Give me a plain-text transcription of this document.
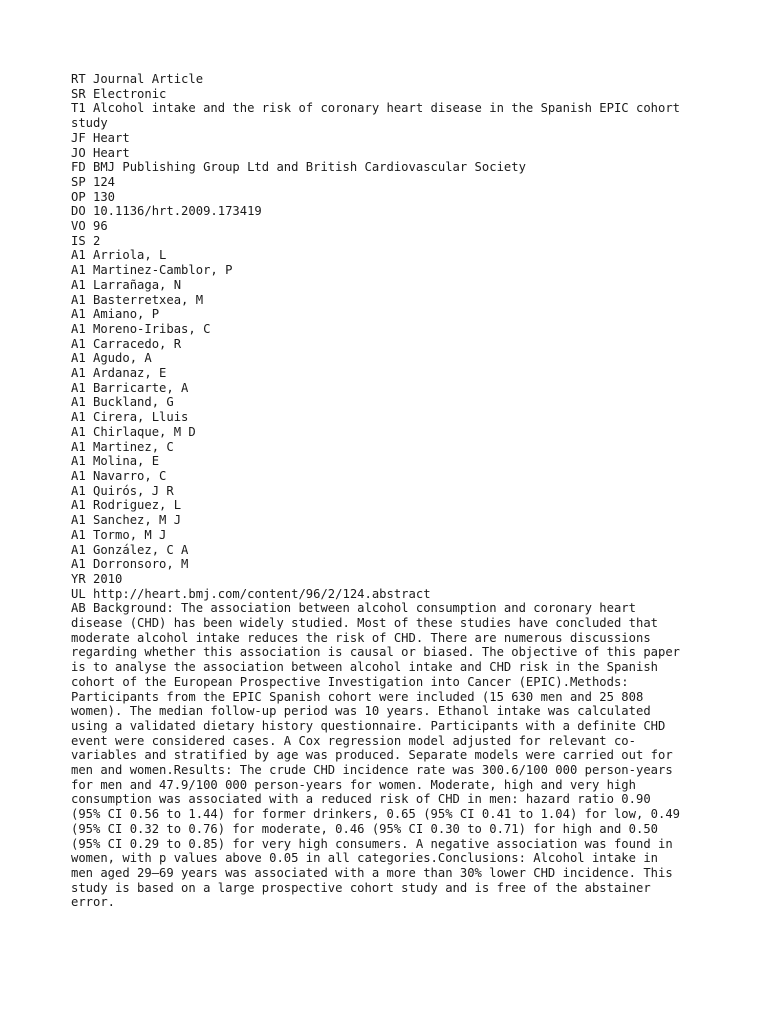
RT Journal Article
SR Electronic
T1 Alcohol intake and the risk of coronary heart disease in the Spanish EPIC cohort
study
JF Heart
JO Heart
FD BMJ Publishing Group Ltd and British Cardiovascular Society
SP 124
OP 130
DO 10.1136/hrt.2009.173419
VO 96
IS 2
A1 Arriola, L
A1 Martinez-Camblor, P
A1 Larrañaga, N
A1 Basterretxea, M
A1 Amiano, P
A1 Moreno-Iribas, C
A1 Carracedo, R
A1 Agudo, A
A1 Ardanaz, E
A1 Barricarte, A
A1 Buckland, G
A1 Cirera, Lluis
A1 Chirlaque, M D
A1 Martinez, C
A1 Molina, E
A1 Navarro, C
A1 Quirós, J R
A1 Rodriguez, L
A1 Sanchez, M J
A1 Tormo, M J
A1 González, C A
A1 Dorronsoro, M
YR 2010
UL http://heart.bmj.com/content/96/2/124.abstract
AB Background: The association between alcohol consumption and coronary heart
disease (CHD) has been widely studied. Most of these studies have concluded that
moderate alcohol intake reduces the risk of CHD. There are numerous discussions
regarding whether this association is causal or biased. The objective of this paper
is to analyse the association between alcohol intake and CHD risk in the Spanish
cohort of the European Prospective Investigation into Cancer (EPIC).Methods:
Participants from the EPIC Spanish cohort were included (15 630 men and 25 808
women). The median follow-up period was 10 years. Ethanol intake was calculated
using a validated dietary history questionnaire. Participants with a definite CHD
event were considered cases. A Cox regression model adjusted for relevant co-
variables and stratified by age was produced. Separate models were carried out for
men and women.Results: The crude CHD incidence rate was 300.6/100 000 person-years
for men and 47.9/100 000 person-years for women. Moderate, high and very high
consumption was associated with a reduced risk of CHD in men: hazard ratio 0.90
(95% CI 0.56 to 1.44) for former drinkers, 0.65 (95% CI 0.41 to 1.04) for low, 0.49
(95% CI 0.32 to 0.76) for moderate, 0.46 (95% CI 0.30 to 0.71) for high and 0.50
(95% CI 0.29 to 0.85) for very high consumers. A negative association was found in
women, with p values above 0.05 in all categories.Conclusions: Alcohol intake in
men aged 29–69 years was associated with a more than 30% lower CHD incidence. This
study is based on a large prospective cohort study and is free of the abstainer
error.
